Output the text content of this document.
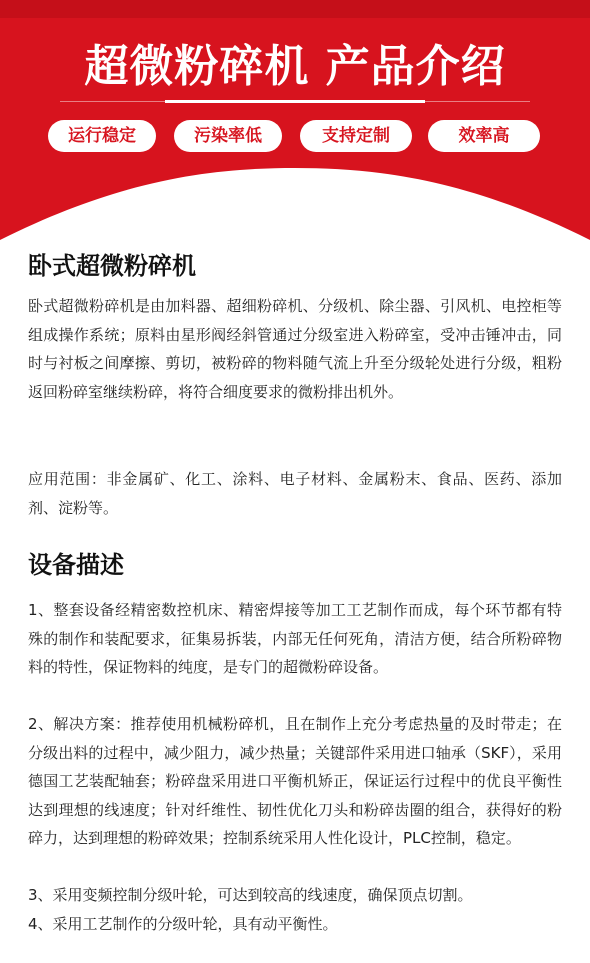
超微粉碎机 产品介绍
运行稳定	污染率低	支持定制	效率高
卧式超微粉碎机
卧式超微粉碎机是由加料器、超细粉碎机、分级机、除尘器、引风机、电控柜等组成操作系统；原料由星形阀经斜管通过分级室进入粉碎室，受冲击锤冲击，同时与衬板之间摩擦、剪切，被粉碎的物料随气流上升至分级轮处进行分级，粗粉返回粉碎室继续粉碎，将符合细度要求的微粉排出机外。
应用范围：非金属矿、化工、涂料、电子材料、金属粉末、食品、医药、添加剂、淀粉等。
设备描述
1、整套设备经精密数控机床、精密焊接等加工工艺制作而成，每个环节都有特殊的制作和装配要求，征集易拆装，内部无任何死角，清洁方便，结合所粉碎物料的特性，保证物料的纯度，是专门的超微粉碎设备。
2、解决方案：推荐使用机械粉碎机，且在制作上充分考虑热量的及时带走；在分级出料的过程中，减少阻力，减少热量；关键部件采用进口轴承（SKF），采用德国工艺装配轴套；粉碎盘采用进口平衡机矫正，保证运行过程中的优良平衡性达到理想的线速度；针对纤维性、韧性优化刀头和粉碎齿圈的组合，获得好的粉碎力，达到理想的粉碎效果；控制系统采用人性化设计，PLC控制，稳定。
3、采用变频控制分级叶轮，可达到较高的线速度，确保顶点切割。
4、采用工艺制作的分级叶轮，具有动平衡性。
